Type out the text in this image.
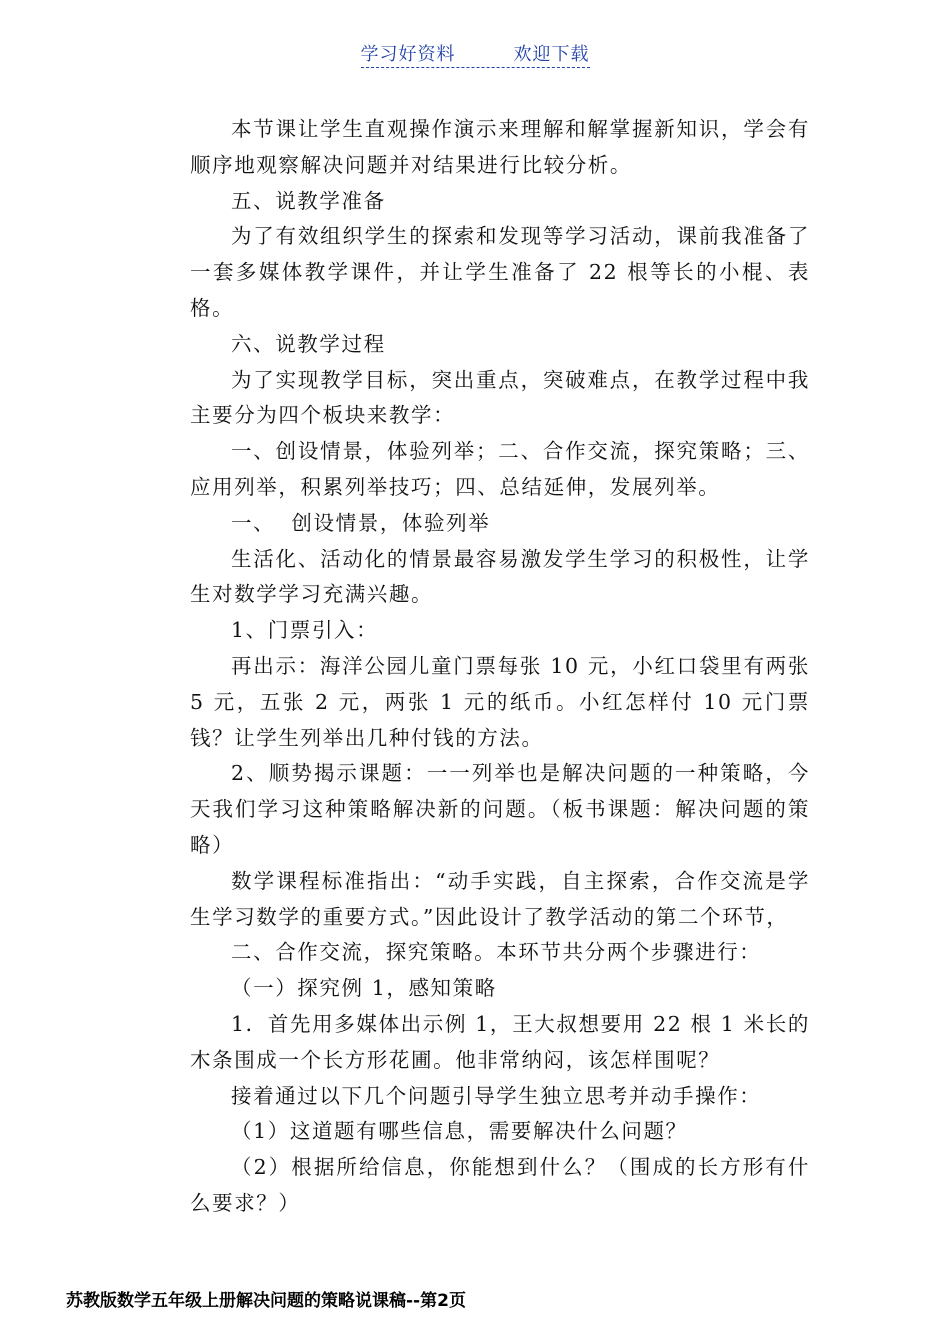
学习好资料	欢迎下载

本节课让学生直观操作演示来理解和解掌握新知识，学会有顺序地观察解决问题并对结果进行比较分析。

五、说教学准备

为了有效组织学生的探索和发现等学习活动，课前我准备了一套多媒体教学课件，并让学生准备了 22 根等长的小棍、表格。

六、说教学过程

为了实现教学目标，突出重点，突破难点，在教学过程中我主要分为四个板块来教学：

一、创设情景，体验列举；二、合作交流，探究策略；三、应用列举，积累列举技巧；四、总结延伸，发展列举。

一、  创设情景，体验列举

生活化、活动化的情景最容易激发学生学习的积极性，让学生对数学学习充满兴趣。

1、门票引入：

再出示：海洋公园儿童门票每张 10 元，小红口袋里有两张 5 元，五张 2 元，两张 1 元的纸币。小红怎样付 10 元门票钱？让学生列举出几种付钱的方法。

2、顺势揭示课题：一一列举也是解决问题的一种策略，今天我们学习这种策略解决新的问题。（板书课题：解决问题的策略）

数学课程标准指出：“动手实践，自主探索，合作交流是学生学习数学的重要方式。”因此设计了教学活动的第二个环节，

二、合作交流，探究策略。本环节共分两个步骤进行：

（一）探究例 1，感知策略

1．首先用多媒体出示例 1，王大叔想要用 22 根 1 米长的木条围成一个长方形花圃。他非常纳闷，该怎样围呢？

接着通过以下几个问题引导学生独立思考并动手操作：

（1）这道题有哪些信息，需要解决什么问题？

（2）根据所给信息，你能想到什么？（围成的长方形有什么要求？）

苏教版数学五年级上册解决问题的策略说课稿--第2页
